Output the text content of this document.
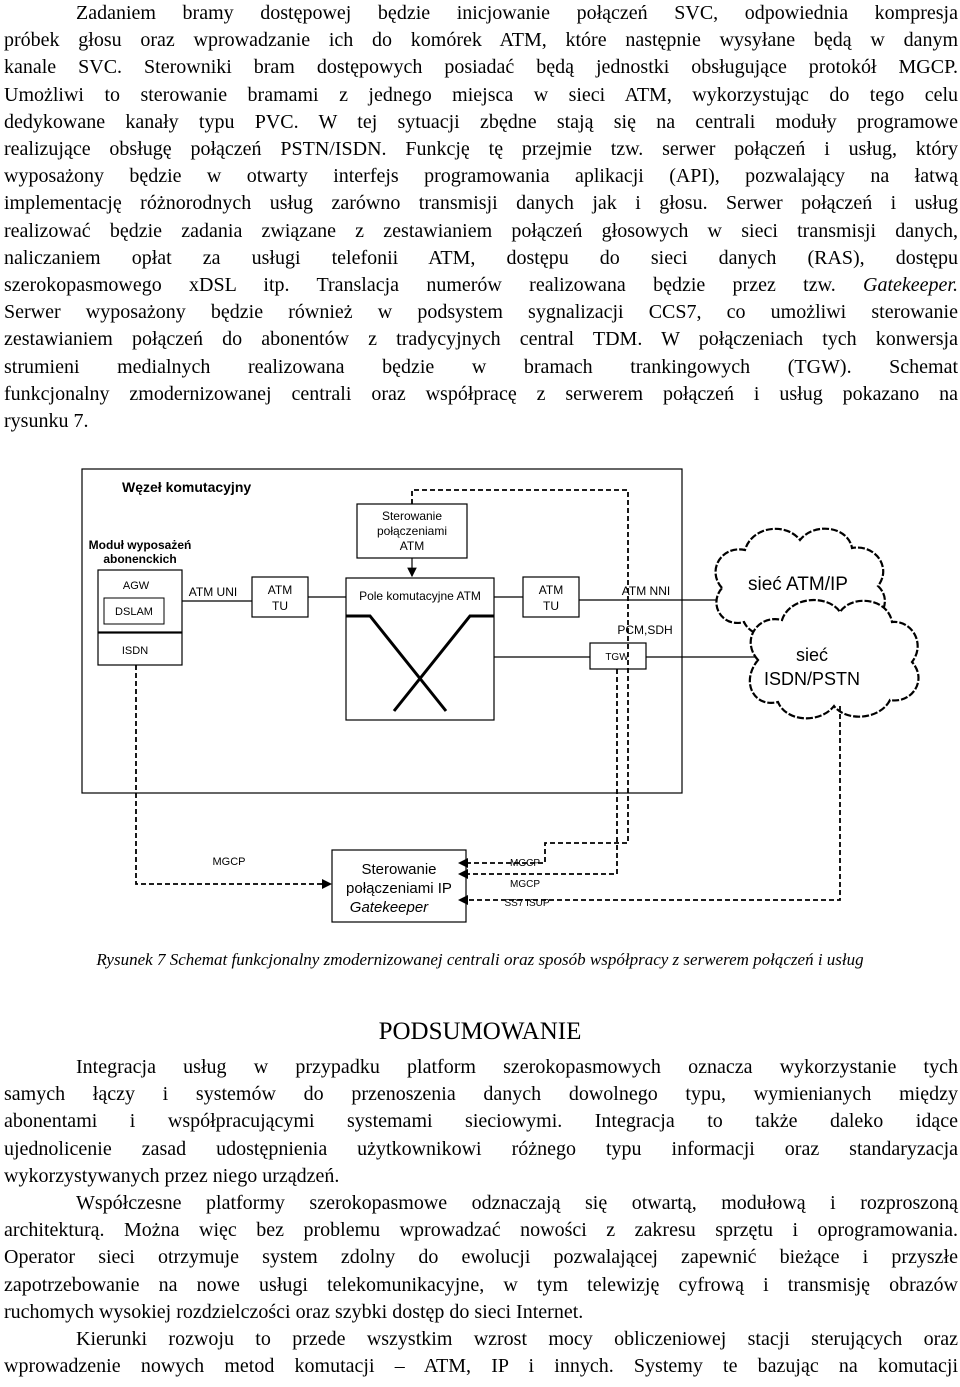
Zadaniem bramy dostępowej będzie inicjowanie połączeń SVC, odpowiednia kompresja
próbek głosu oraz wprowadzanie ich do komórek ATM, które następnie wysyłane będą w danym
kanale SVC. Sterowniki bram dostępowych posiadać będą jednostki obsługujące protokół MGCP.
Umożliwi to sterowanie bramami z jednego miejsca w sieci ATM, wykorzystując do tego celu
dedykowane kanały typu PVC. W tej sytuacji zbędne stają się na centrali moduły programowe
realizujące obsługę połączeń PSTN/ISDN. Funkcję tę przejmie tzw. serwer połączeń i usług, który
wyposażony będzie w otwarty interfejs programowania aplikacji (API), pozwalający na łatwą
implementację różnorodnych usług zarówno transmisji danych jak i głosu. Serwer połączeń i usług
realizować będzie zadania związane z zestawianiem połączeń głosowych w sieci transmisji danych,
naliczaniem opłat za usługi telefonii ATM, dostępu do sieci danych (RAS), dostępu
szerokopasmowego xDSL itp. Translacja numerów realizowana będzie przez tzw. Gatekeeper.
Serwer wyposażony będzie również w podsystem sygnalizacji CCS7, co umożliwi sterowanie
zestawianiem połączeń do abonentów z tradycyjnych central TDM. W połączeniach tych konwersja
strumieni medialnych realizowana będzie w bramach trankingowych (TGW). Schemat
funkcjonalny zmodernizowanej centrali oraz współpracę z serwerem połączeń i usług pokazano na
rysunku 7.
Węzeł komutacyjny
Moduł wyposażeń
abonenckich
AGW
DSLAM
ISDN
ATM UNI	ATM
TU
Sterowanie
połączeniami
ATM
Pole komutacyjne ATM	ATM
TU
ATM NNI
TGW
PCM,SDH
sieć ATM/IP
sieć
ISDN/PSTN
Sterowanie
połączeniami IP
Gatekeeper
MGCP	MGCP
MGCP
SS7 ISUP
Rysunek 7 Schemat funkcjonalny zmodernizowanej centrali oraz sposób współpracy z serwerem połączeń i usług
PODSUMOWANIE
Integracja usług w przypadku platform szerokopasmowych oznacza wykorzystanie tych
samych łączy i systemów do przenoszenia danych dowolnego typu, wymienianych między
abonentami i współpracującymi systemami sieciowymi. Integracja to także daleko idące
ujednolicenie zasad udostępnienia użytkownikowi różnego typu informacji oraz standaryzacja
wykorzystywanych przez niego urządzeń.
Współczesne platformy szerokopasmowe odznaczają się otwartą, modułową i rozproszoną
architekturą. Można więc bez problemu wprowadzać nowości z zakresu sprzętu i oprogramowania.
Operator sieci otrzymuje system zdolny do ewolucji pozwalającej zapewnić bieżące i przyszłe
zapotrzebowanie na nowe usługi telekomunikacyjne, w tym telewizję cyfrową i transmisję obrazów
ruchomych wysokiej rozdzielczości oraz szybki dostęp do sieci Internet.
Kierunki rozwoju to przede wszystkim wzrost mocy obliczeniowej stacji sterujących oraz
wprowadzenie nowych metod komutacji – ATM, IP i innych. Systemy te bazując na komutacji
